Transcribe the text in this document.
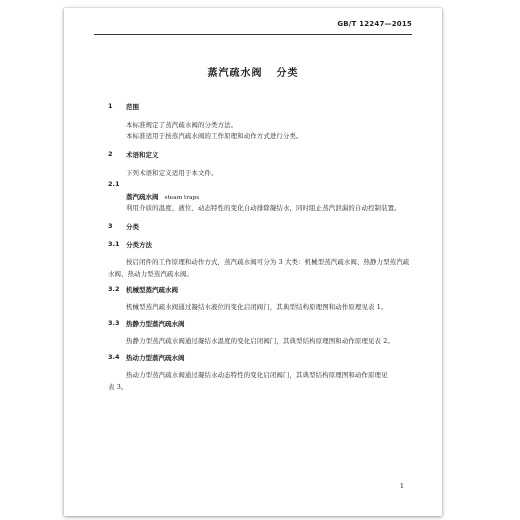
GB/T 12247—2015
蒸汽疏水阀 分类
1 范围
本标准规定了蒸汽疏水阀的分类方法。
本标准适用于按蒸汽疏水阀的工作原理和动作方式进行分类。
2 术语和定义
下列术语和定义适用于本文件。
2.1
蒸汽疏水阀 steam traps
利用介质的温度、液位、动态特性的变化自动排除凝结水，同时阻止蒸汽泄漏的自动控制装置。
3 分类
3.1 分类方法
按启闭件的工作原理和动作方式，蒸汽疏水阀可分为 3 大类：机械型蒸汽疏水阀、热静力型蒸汽疏
水阀、热动力型蒸汽疏水阀。
3.2 机械型蒸汽疏水阀
机械型蒸汽疏水阀通过凝结水液位的变化启闭阀门，其典型结构原理图和动作原理见表 1。
3.3 热静力型蒸汽疏水阀
热静力型蒸汽疏水阀通过凝结水温度的变化启闭阀门，其典型结构原理图和动作原理见表 2。
3.4 热动力型蒸汽疏水阀
热动力型蒸汽疏水阀通过凝结水动态特性的变化启闭阀门，其典型结构原理图和动作原理见
表 3。
1
